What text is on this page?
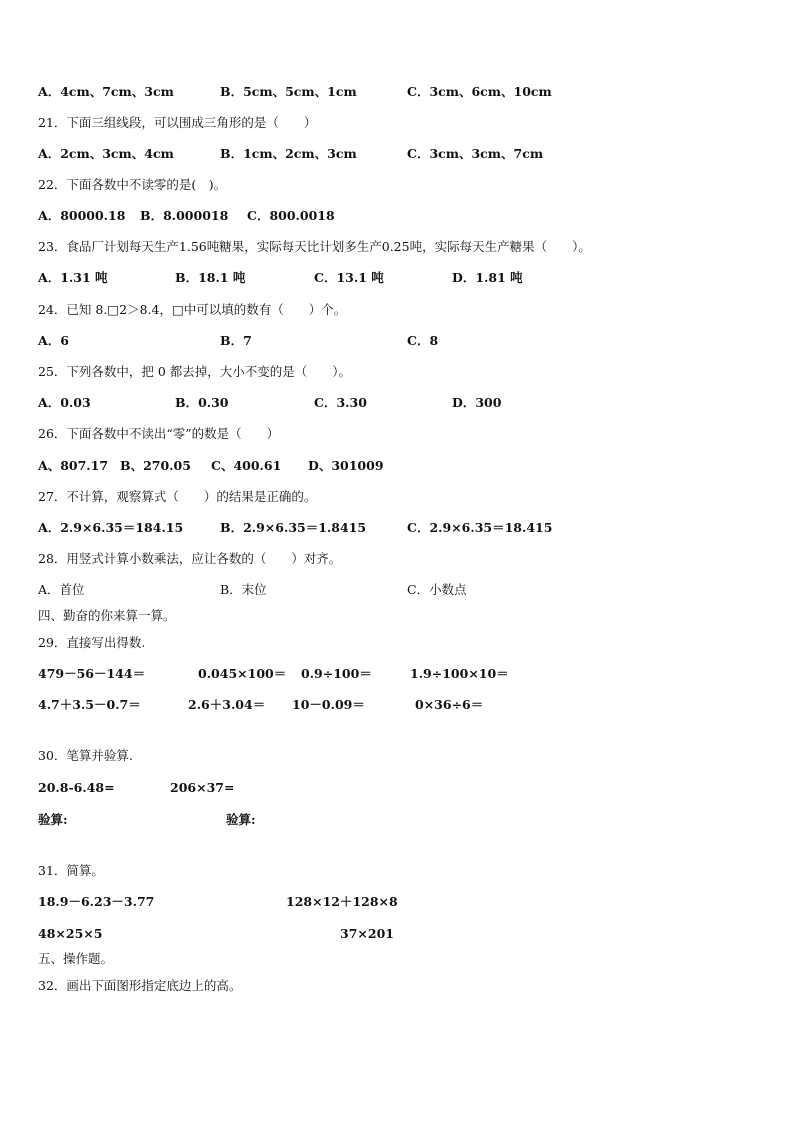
A．4cm、7cm、3cm	B．5cm、5cm、1cm	C．3cm、6cm、10cm
21．下面三组线段，可以围成三角形的是（　　）
A．2cm、3cm、4cm	B．1cm、2cm、3cm	C．3cm、3cm、7cm
22．下面各数中不读零的是(　)。
A．80000.18 B．8.000018 C．800.0018
23．食品厂计划每天生产1.56吨糖果，实际每天比计划多生产0.25吨，实际每天生产糖果（　　）。
A．1.31 吨	B．18.1 吨	C．13.1 吨	D．1.81 吨
24．已知 8.□2＞8.4，□中可以填的数有（　　）个。
A．6	B．7	C．8
25．下列各数中，把 0 都去掉，大小不变的是（　　）。
A．0.03	B．0.30	C．3.30	D．300
26．下面各数中不读出“零”的数是（　　）
A、807.17 B、270.05 C、400.61 D、301009
27．不计算，观察算式（　　）的结果是正确的。
A．2.9×6.35＝184.15	B．2.9×6.35＝1.8415	C．2.9×6.35＝18.415
28．用竖式计算小数乘法，应让各数的（　　）对齐。
A．首位	B．末位	C．小数点
四、勤奋的你来算一算。
29．直接写出得数.
479－56－144＝	0.045×100＝ 0.9÷100＝	1.9÷100×10＝
4.7＋3.5－0.7＝	2.6＋3.04＝ 10－0.09＝	0×36÷6＝
30．笔算并验算.
20.8-6.48=	206×37=
验算:	验算:
31．简算。
18.9－6.23－3.77	128×12＋128×8
48×25×5	37×201
五、操作题。
32．画出下面图形指定底边上的高。
